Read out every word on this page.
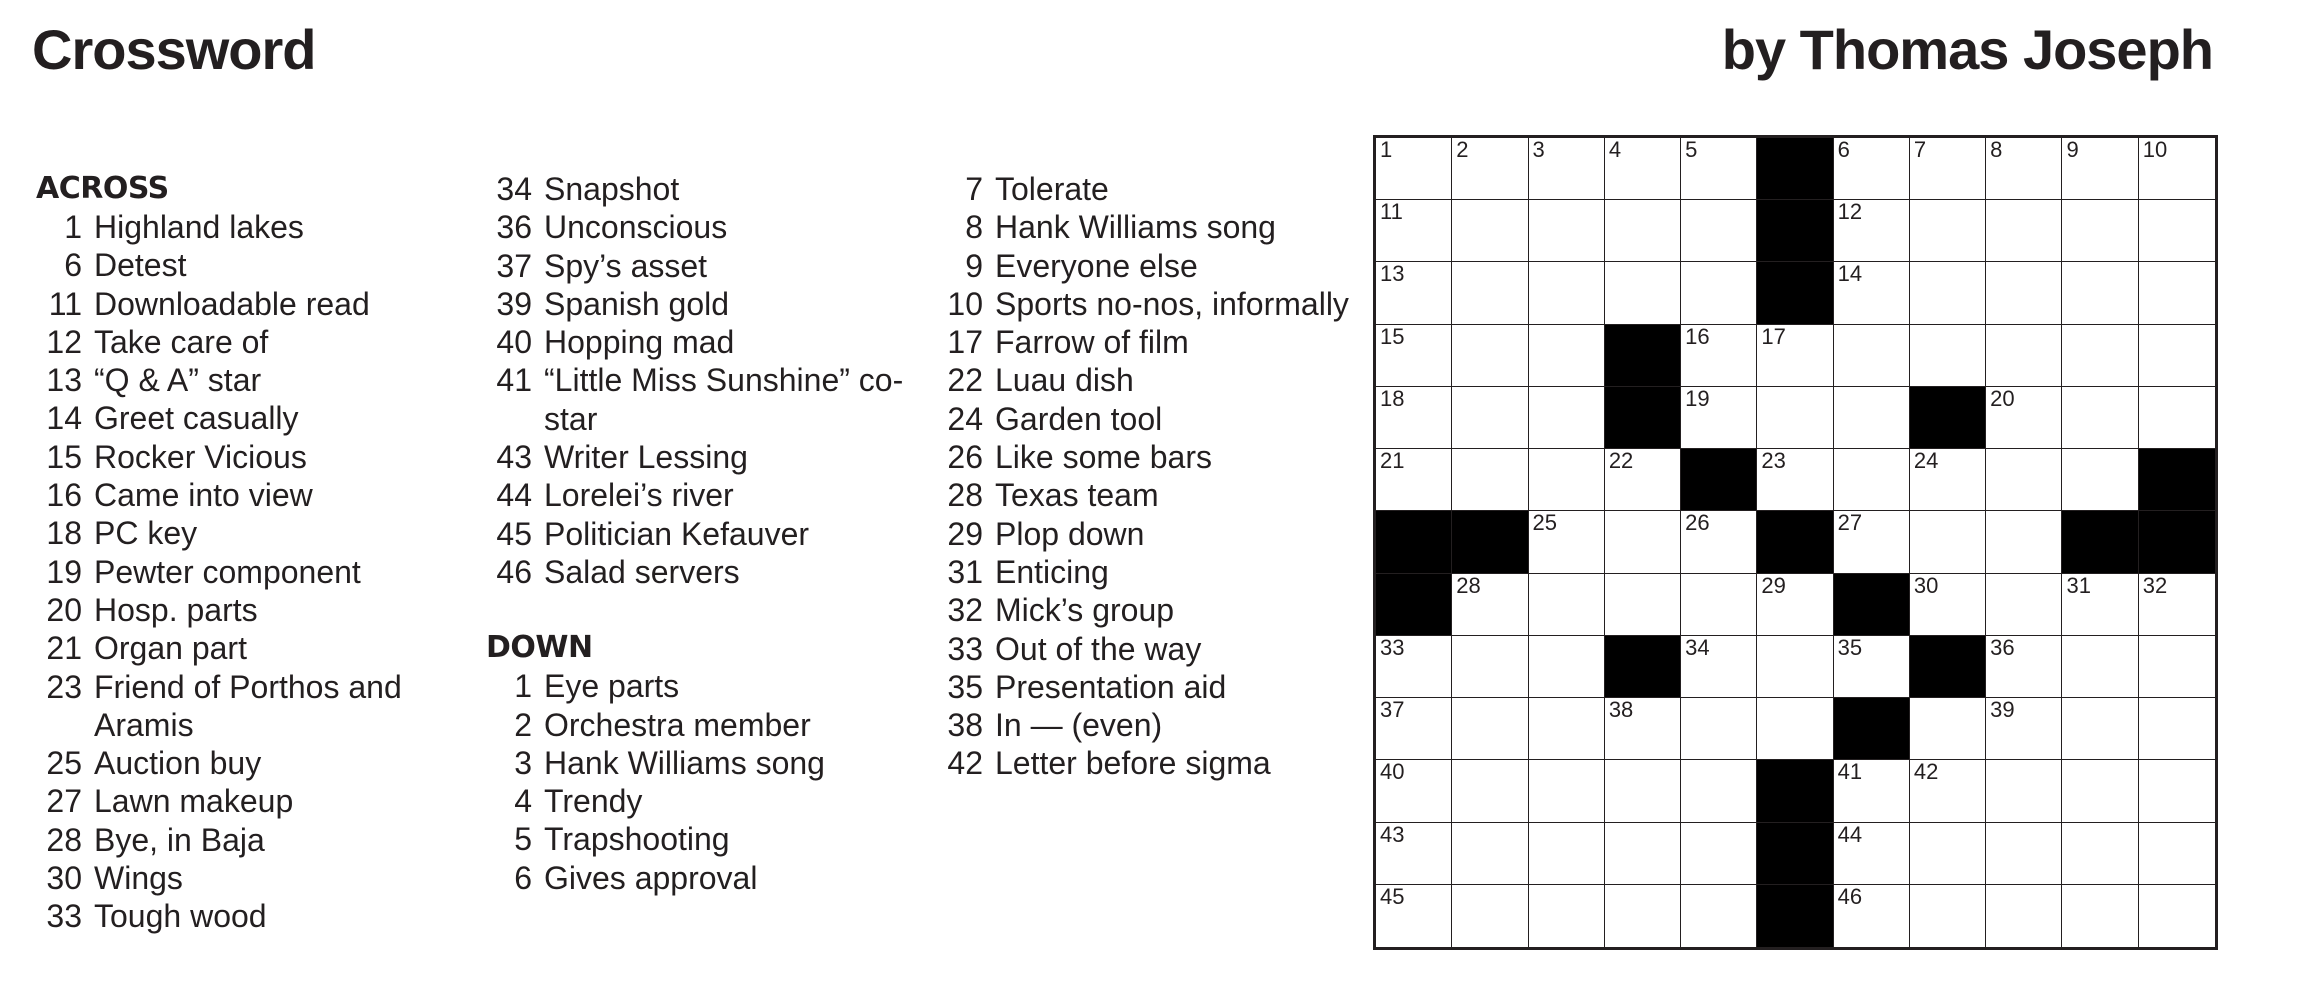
Crossword	by Thomas Joseph
ACROSS
1 Highland lakes
6 Detest
11 Downloadable read
12 Take care of
13 “Q & A” star
14 Greet casually
15 Rocker Vicious
16 Came into view
18 PC key
19 Pewter component
20 Hosp. parts
21 Organ part
23 Friend of Porthos and Aramis
25 Auction buy
27 Lawn makeup
28 Bye, in Baja
30 Wings
33 Tough wood
34 Snapshot
36 Unconscious
37 Spy’s asset
39 Spanish gold
40 Hopping mad
41 “Little Miss Sunshine” co-star
43 Writer Lessing
44 Lorelei’s river
45 Politician Kefauver
46 Salad servers
DOWN
1 Eye parts
2 Orchestra member
3 Hank Williams song
4 Trendy
5 Trapshooting
6 Gives approval
7 Tolerate
8 Hank Williams song
9 Everyone else
10 Sports no-nos, informally
17 Farrow of film
22 Luau dish
24 Garden tool
26 Like some bars
28 Texas team
29 Plop down
31 Enticing
32 Mick’s group
33 Out of the way
35 Presentation aid
38 In — (even)
42 Letter before sigma
1	2	3	4	5	6	7	8	9	10
11	12
13	14
15	16 17
18	19	20
21	22	23	24
25	26	27
28	29	30	31 32
33	34	35	36
37	38	39
40	41 42
43	44
45	46
